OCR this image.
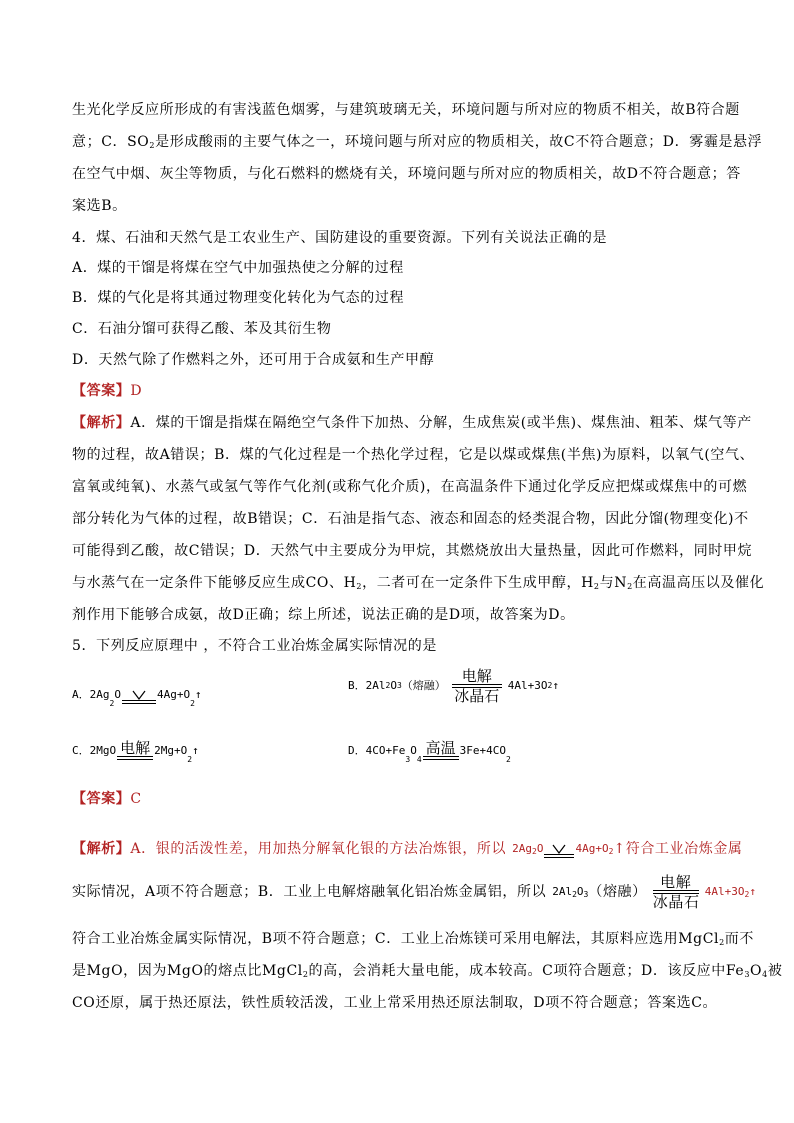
生光化学反应所形成的有害浅蓝色烟雾，与建筑玻璃无关，环境问题与所对应的物质不相关，故B符合题
意；C．$SO_2$是形成酸雨的主要气体之一，环境问题与所对应的物质相关，故C不符合题意；D．雾霾是悬浮
在空气中烟、灰尘等物质，与化石燃料的燃烧有关，环境问题与所对应的物质相关，故D不符合题意；答
案选B。
4．煤、石油和天然气是工农业生产、国防建设的重要资源。下列有关说法正确的是
A．煤的干馏是将煤在空气中加强热使之分解的过程
B．煤的气化是将其通过物理变化转化为气态的过程
C．石油分馏可获得乙酸、苯及其衍生物
D．天然气除了作燃料之外，还可用于合成氨和生产甲醇
【答案】D
【解析】A．煤的干馏是指煤在隔绝空气条件下加热、分解，生成焦炭(或半焦)、煤焦油、粗苯、煤气等产
物的过程，故A错误；B．煤的气化过程是一个热化学过程，它是以煤或煤焦(半焦)为原料，以氧气(空气、
富氧或纯氧)、水蒸气或氢气等作气化剂(或称气化介质)，在高温条件下通过化学反应把煤或煤焦中的可燃
部分转化为气体的过程，故B错误；C．石油是指气态、液态和固态的烃类混合物，因此分馏(物理变化)不
可能得到乙酸，故C错误；D．天然气中主要成分为甲烷，其燃烧放出大量热量，因此可作燃料，同时甲烷
与水蒸气在一定条件下能够反应生成CO、$H_2$，二者可在一定条件下生成甲醇，$H_2$与$N_2$在高温高压以及催化
剂作用下能够合成氨，故D正确；综上所述，说法正确的是D项，故答案为D。
5．下列反应原理中 ，不符合工业冶炼金属实际情况的是
A．2Ag
2
O	4Ag+O
2
↑
B．2Al 2 O 3 （熔融）
电解
冰晶石
4Al+3O 2 ↑
C．2MgO 电解 2Mg+O
2
↑	D．4CO+Fe
3
O
4
高温 3Fe+4CO
2
【答案】C
【解析】 A．银的活泼性差，用加热分解氧化银的方法冶炼银，所以 $2Ag_2O$	$4Ag+O_2$ ↑符合工业冶炼金属
实际情况，A项不符合题意；B．工业上电解熔融氧化铝冶炼金属铝，所以 $2Al_2O_3$ （熔融）
电解
冰晶石
$4Al+3O_2↑$
符合工业冶炼金属实际情况，B项不符合题意；C．工业上冶炼镁可采用电解法，其原料应选用MgCl$_2$而不
是MgO，因为MgO的熔点比MgCl$_2$的高，会消耗大量电能，成本较高。C项符合题意；D．该反应中$Fe_3O_4$被
CO还原，属于热还原法，铁性质较活泼，工业上常采用热还原法制取，D项不符合题意；答案选C。
